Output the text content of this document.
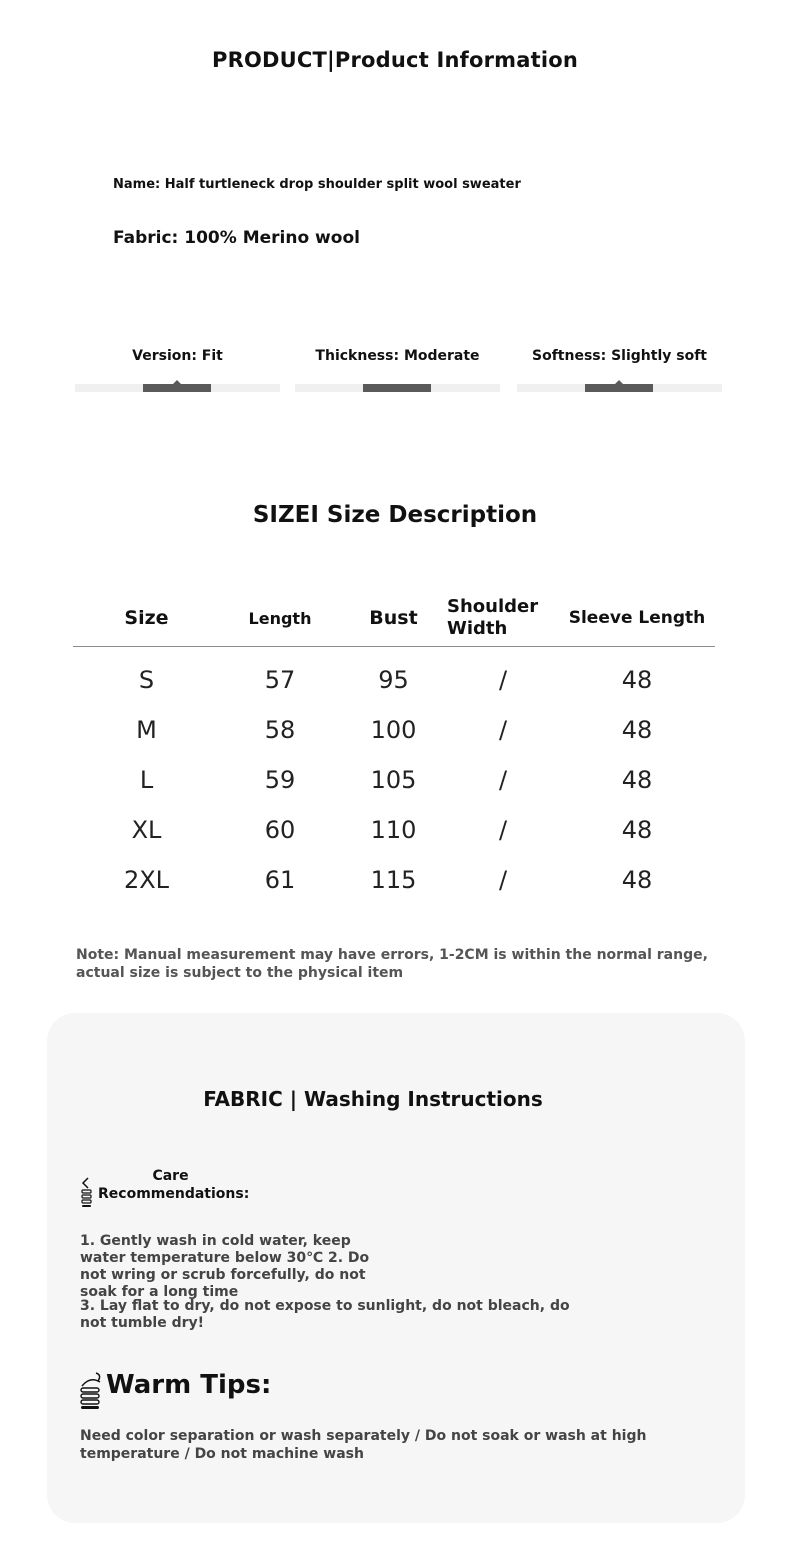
PRODUCT|Product Information
Name: Half turtleneck drop shoulder split wool sweater
Fabric: 100% Merino wool
Version: Fit	Thickness: Moderate	Softness: Slightly soft
SIZEI Size Description
Size	Length	Bust	Shoulder Width	Sleeve Length
S	57	95	/	48
M	58	100	/	48
L	59	105	/	48
XL	60	110	/	48
2XL	61	115	/	48
Note: Manual measurement may have errors, 1-2CM is within the normal range, actual size is subject to the physical item
FABRIC | Washing Instructions
Care Recommendations:
1. Gently wash in cold water, keep water temperature below 30℃ 2. Do not wring or scrub forcefully, do not soak for a long time
3. Lay flat to dry, do not expose to sunlight, do not bleach, do not tumble dry!
Warm Tips:
Need color separation or wash separately / Do not soak or wash at high temperature / Do not machine wash
